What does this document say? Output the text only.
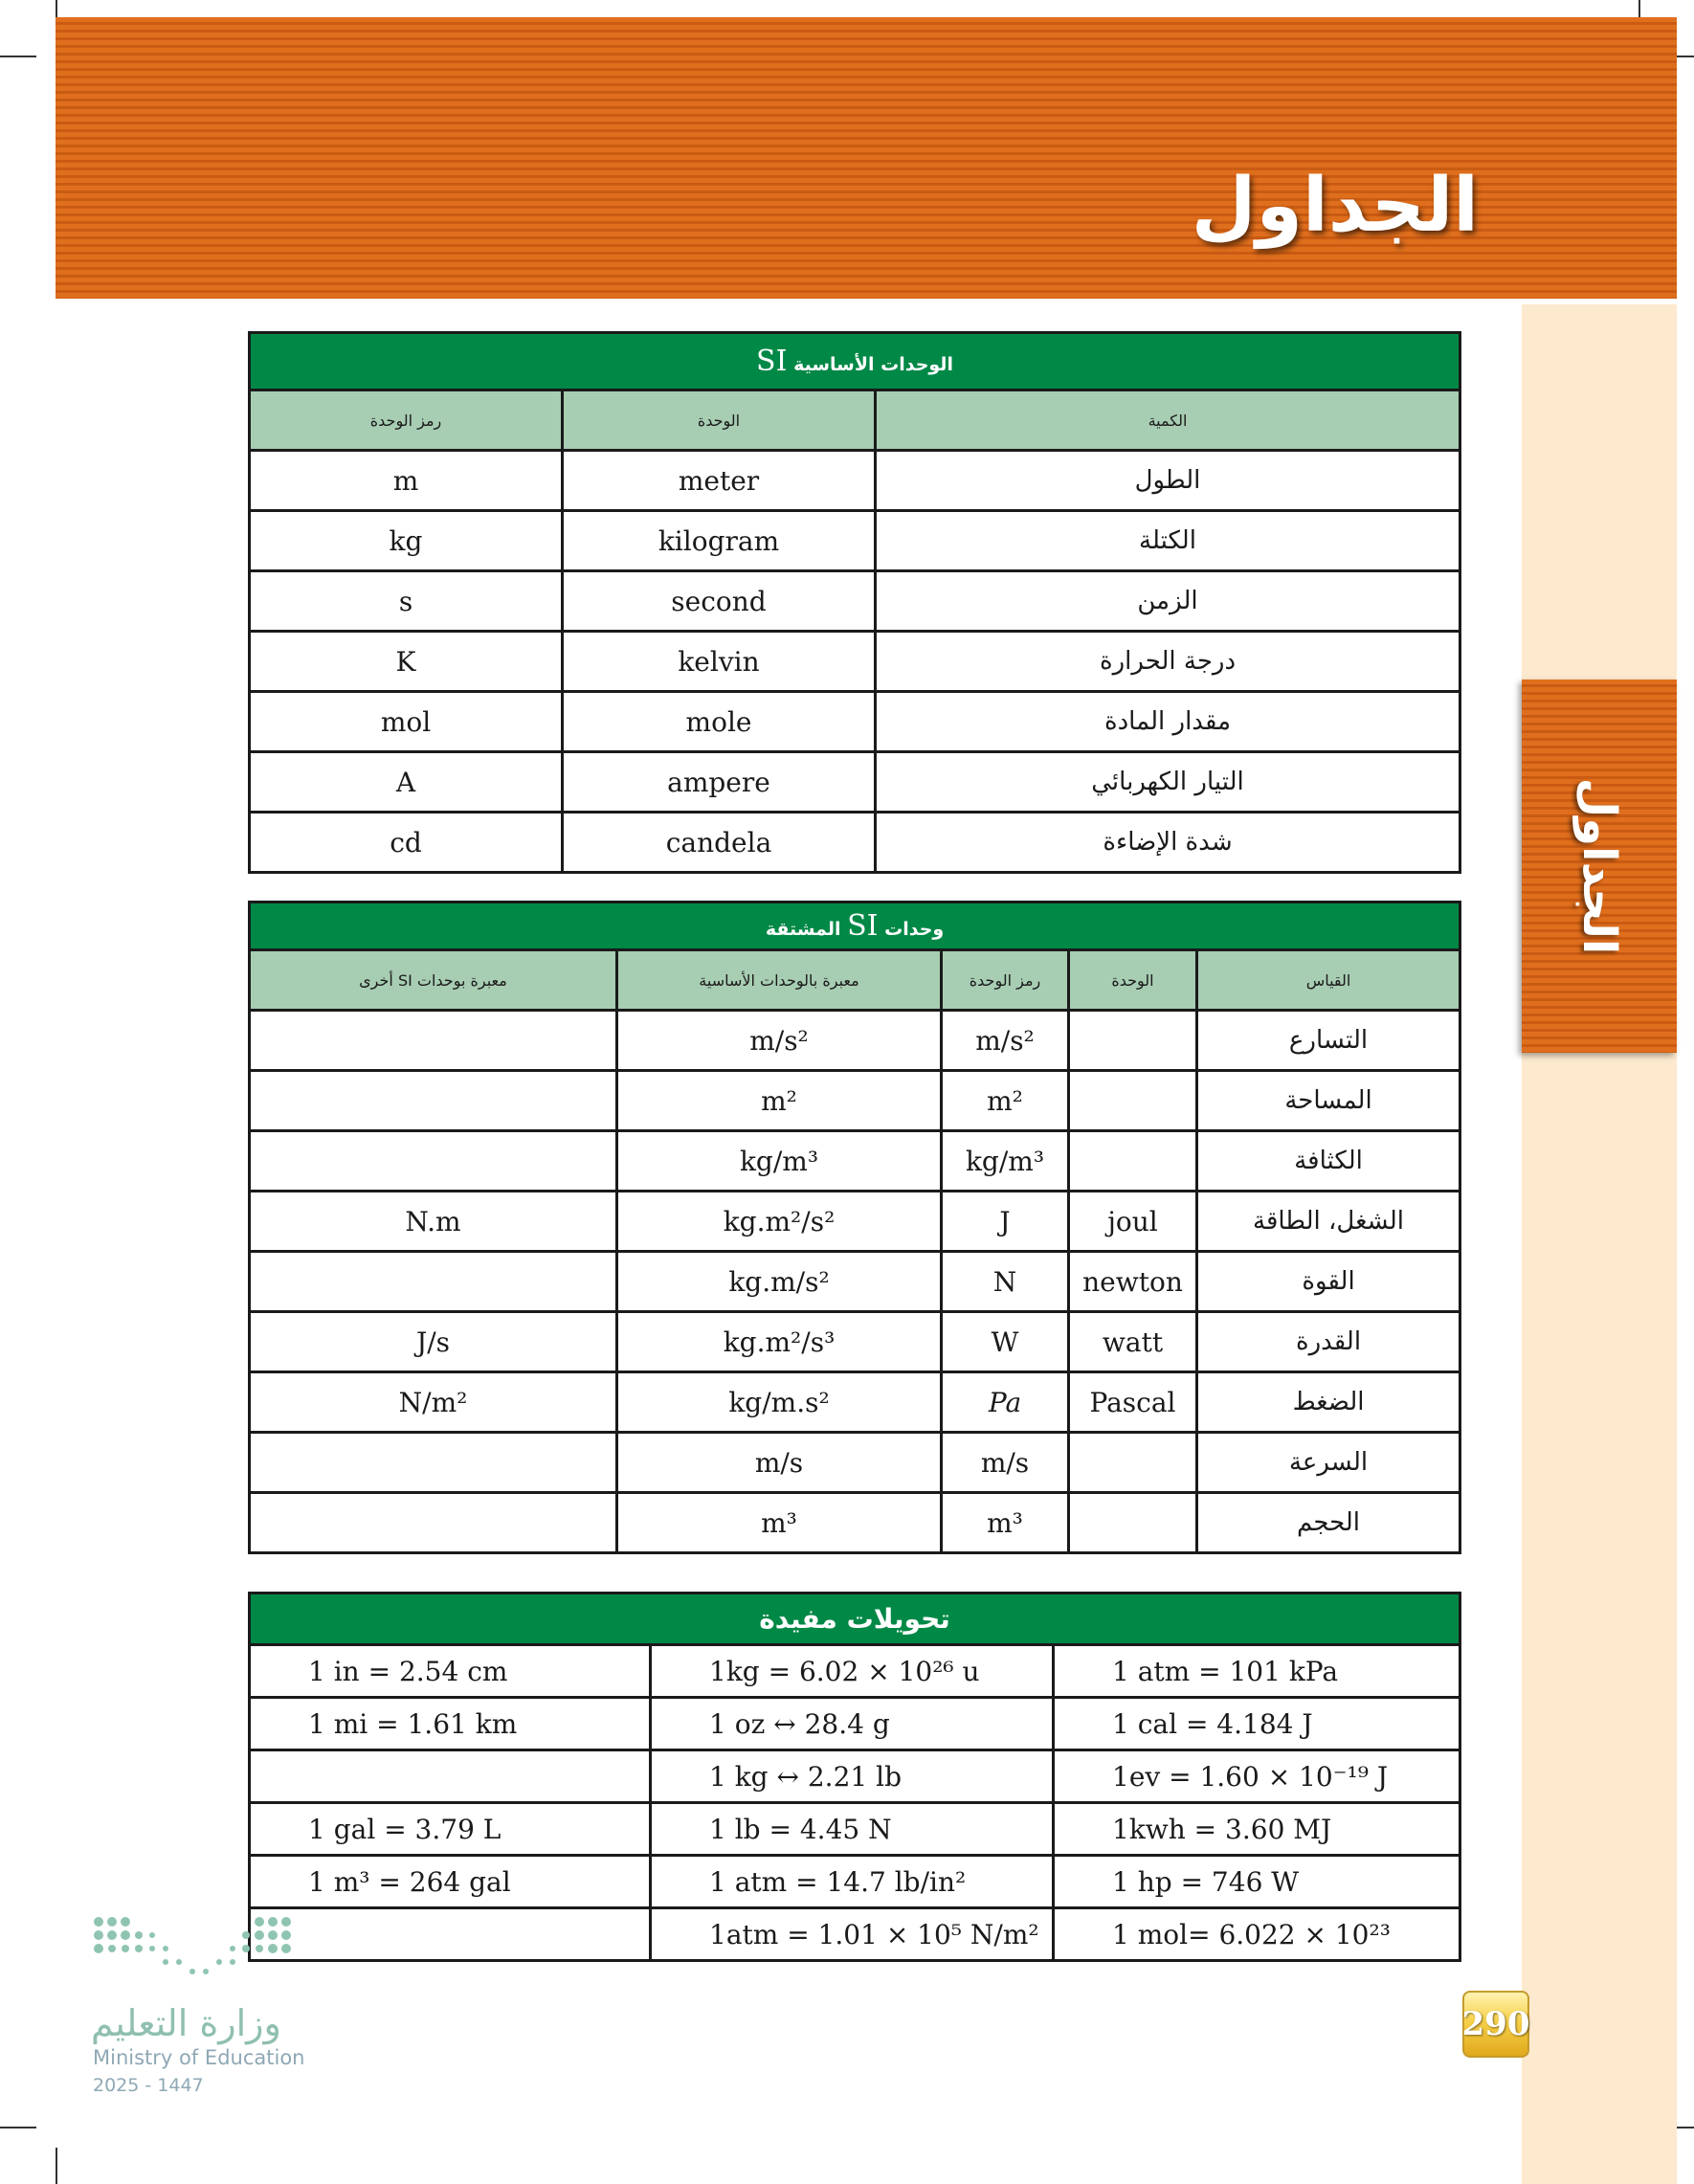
الجداول
الجداول
الوحدات الأساسية SI		
رمز الوحدة	الوحدة	الكمية
m	meter	الطول
kg	kilogram	الكتلة
s	second	الزمن
K	kelvin	درجة الحرارة
mol	mole	مقدار المادة
A	ampere	التيار الكهربائي
cd	candela	شدة الإضاءة
وحدات SI المشتقة				
معبرة بوحدات SI أخرى	معبرة بالوحدات الأساسية	رمز الوحدة	الوحدة	القياس
	m/s²	m/s²		التسارع
	m²	m²		المساحة
	kg/m³	kg/m³		الكثافة
N.m	kg.m²/s²	J	joul	الشغل، الطاقة
	kg.m/s²	N	newton	القوة
J/s	kg.m²/s³	W	watt	القدرة
N/m²	kg/m.s²	Pa	Pascal	الضغط
	m/s	m/s		السرعة
	m³	m³		الحجم
تحويلات مفيدة		
1 in = 2.54 cm	1kg = 6.02 × 10²⁶ u	1 atm = 101 kPa
1 mi = 1.61 km	1 oz ↔ 28.4 g	1 cal = 4.184 J
	1 kg ↔ 2.21 lb	1ev = 1.60 × 10⁻¹⁹ J
1 gal = 3.79 L	1 lb = 4.45 N	1kwh = 3.60 MJ
1 m³ = 264 gal	1 atm = 14.7 lb/in²	1 hp = 746 W
	1atm = 1.01 × 10⁵ N/m²	1 mol= 6.022 × 10²³
وزارة التعليم
Ministry of Education
2025 - 1447
290
